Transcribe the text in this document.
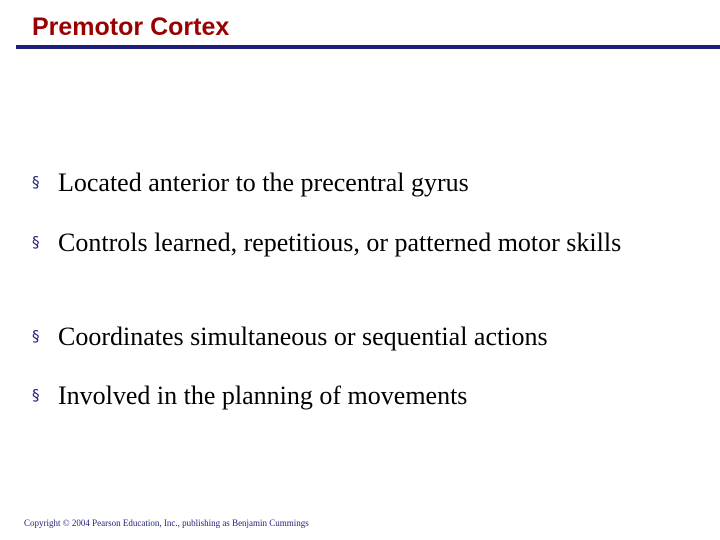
Premotor Cortex
§ Located anterior to the precentral gyrus
§ Controls learned, repetitious, or patterned motor skills
§ Coordinates simultaneous or sequential actions
§ Involved in the planning of movements
Copyright © 2004 Pearson Education, Inc., publishing as Benjamin Cummings
